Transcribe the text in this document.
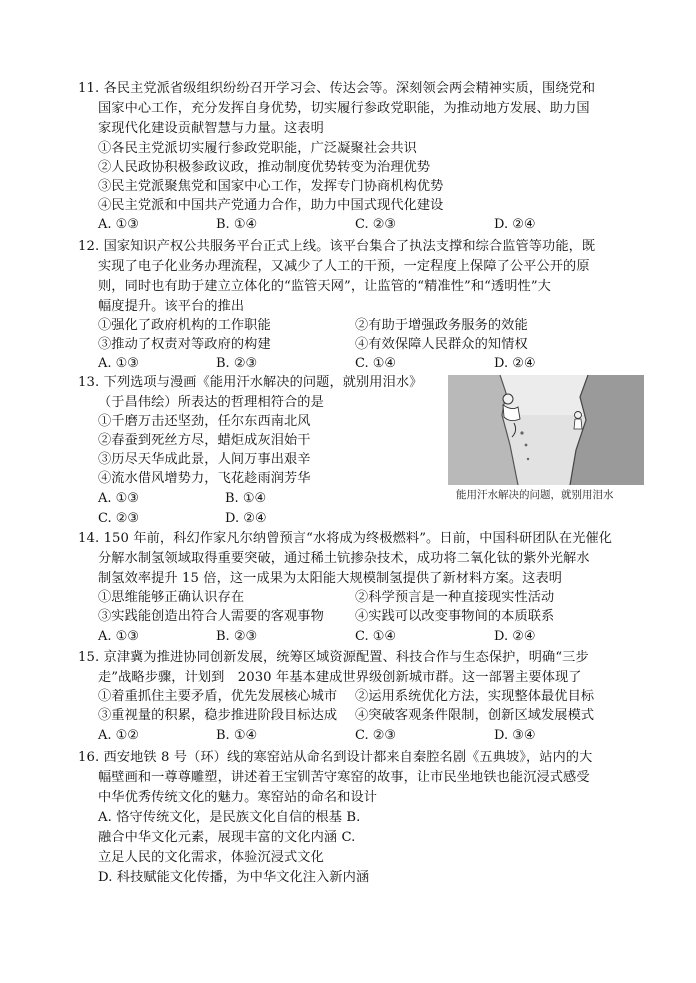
11. 各民主党派省级组织纷纷召开学习会、传达会等。深刻领会两会精神实质，围绕党和
国家中心工作，充分发挥自身优势，切实履行参政党职能，为推动地方发展、助力国
家现代化建设贡献智慧与力量。这表明
①各民主党派切实履行参政党职能，广泛凝聚社会共识
②人民政协积极参政议政，推动制度优势转变为治理优势
③民主党派聚焦党和国家中心工作，发挥专门协商机构优势
④民主党派和中国共产党通力合作，助力中国式现代化建设
A. ①③	B. ①④	C. ②③	D. ②④
12. 国家知识产权公共服务平台正式上线。该平台集合了执法支撑和综合监管等功能，既
实现了电子化业务办理流程，又减少了人工的干预，一定程度上保障了公平公开的原
则，同时也有助于建立立体化的“监管天网”，让监管的“精准性”和“透明性”大
幅度提升。该平台的推出
①强化了政府机构的工作职能	②有助于增强政务服务的效能
③推动了权责对等政府的构建	④有效保障人民群众的知情权
A. ①③	B. ②③	C. ①④	D. ②④
13. 下列选项与漫画《能用汗水解决的问题，就别用泪水》
（于昌伟绘）所表达的哲理相符合的是
①千磨万击还坚劲，任尔东西南北风
②春蚕到死丝方尽，蜡炬成灰泪始干
③历尽天华成此景，人间万事出艰辛
④流水借风增势力，飞花趁雨润芳华
A. ①③	B. ①④
C. ②③	D. ②④
能用汗水解决的问题，就别用泪水
14. 150 年前，科幻作家凡尔纳曾预言“水将成为终极燃料”。日前，中国科研团队在光催化
分解水制氢领域取得重要突破，通过稀土钪掺杂技术，成功将二氧化钛的紫外光解水
制氢效率提升 15 倍，这一成果为太阳能大规模制氢提供了新材料方案。这表明
①思维能够正确认识存在	②科学预言是一种直接现实性活动
③实践能创造出符合人需要的客观事物 ④实践可以改变事物间的本质联系
A. ①③	B. ②③	C. ①④	D. ②④
15. 京津冀为推进协同创新发展，统筹区域资源配置、科技合作与生态保护，明确“三步
走”战略步骤，计划到　2030 年基本建成世界级创新城市群。这一部署主要体现了
①着重抓住主要矛盾，优先发展核心城市 ②运用系统优化方法，实现整体最优目标
③重视量的积累，稳步推进阶段目标达成 ④突破客观条件限制，创新区域发展模式
A. ①②	B. ①④	C. ②③	D. ③④
16. 西安地铁 8 号（环）线的寒窑站从命名到设计都来自秦腔名剧《五典坡》，站内的大
幅壁画和一尊尊雕塑，讲述着王宝钏苦守寒窑的故事，让市民坐地铁也能沉浸式感受
中华优秀传统文化的魅力。寒窑站的命名和设计
A. 恪守传统文化，是民族文化自信的根基 B.
融合中华文化元素，展现丰富的文化内涵 C.
立足人民的文化需求，体验沉浸式文化
D. 科技赋能文化传播，为中华文化注入新内涵
